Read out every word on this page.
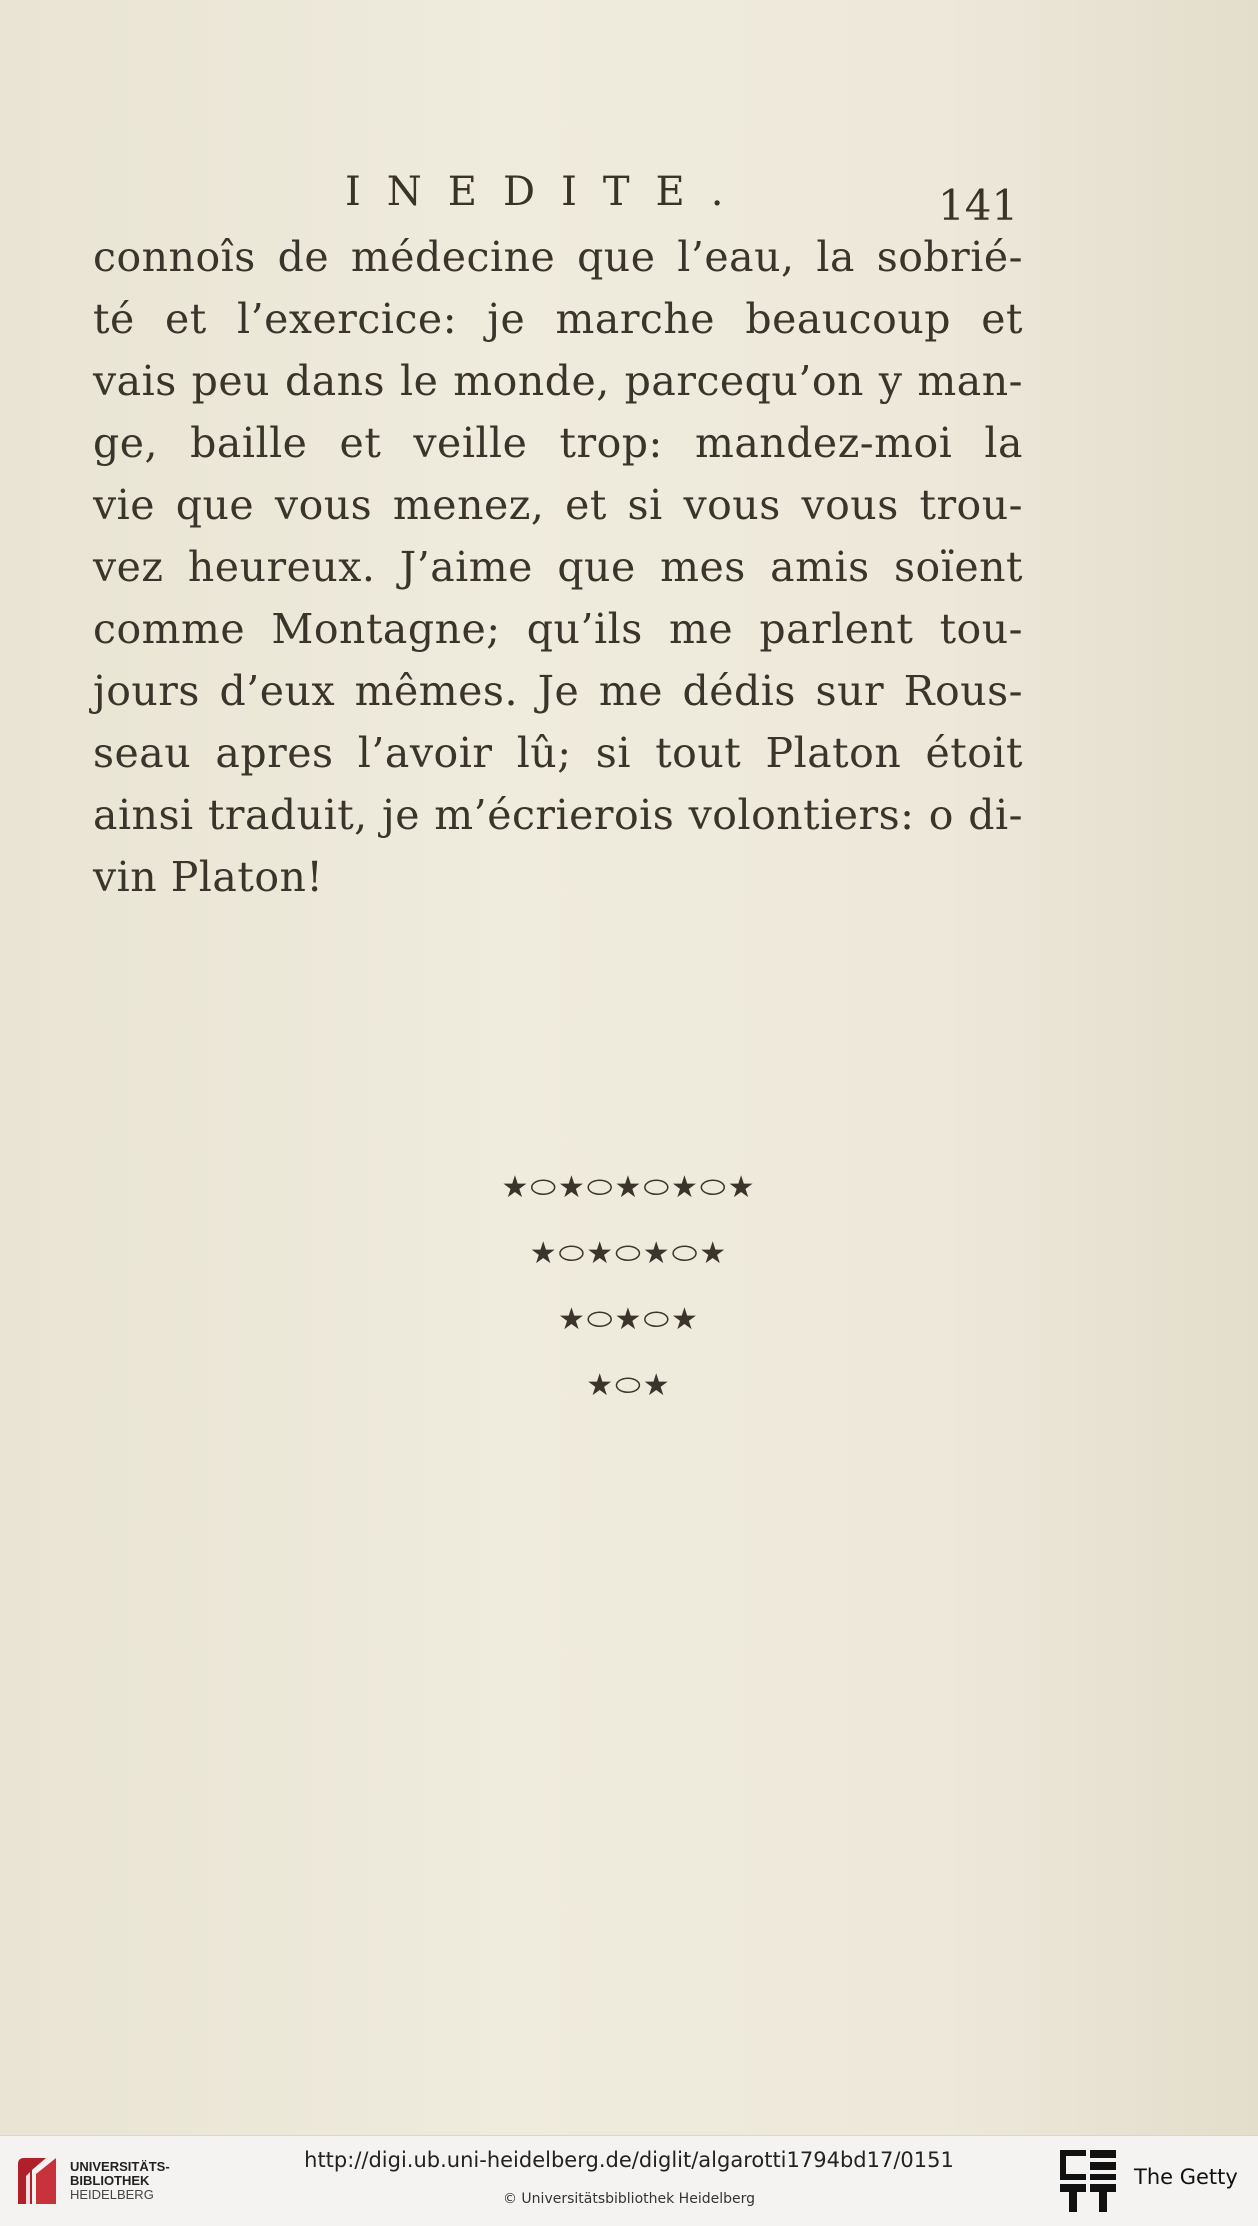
INEDITE.	141
connoîs de médecine que l’eau, la sobrié-
té et l’exercice: je marche beaucoup et
vais peu dans le monde, parcequ’on y man-
ge, baille et veille trop: mandez-moi la
vie que vous menez, et si vous vous trou-
vez heureux. J’aime que mes amis soïent
comme Montagne; qu’ils me parlent tou-
jours d’eux mêmes. Je me dédis sur Rous-
seau apres l’avoir lû; si tout Platon étoit
ainsi traduit, je m’écrierois volontiers: o di-
vin Platon!
★⬭★⬭★⬭★⬭★
★⬭★⬭★⬭★
★⬭★⬭★
★⬭★
UNIVERSITÄTS-
BIBLIOTHEK
HEIDELBERG
http://digi.ub.uni-heidelberg.de/diglit/algarotti1794bd17/0151
© Universitätsbibliothek Heidelberg
The Getty
